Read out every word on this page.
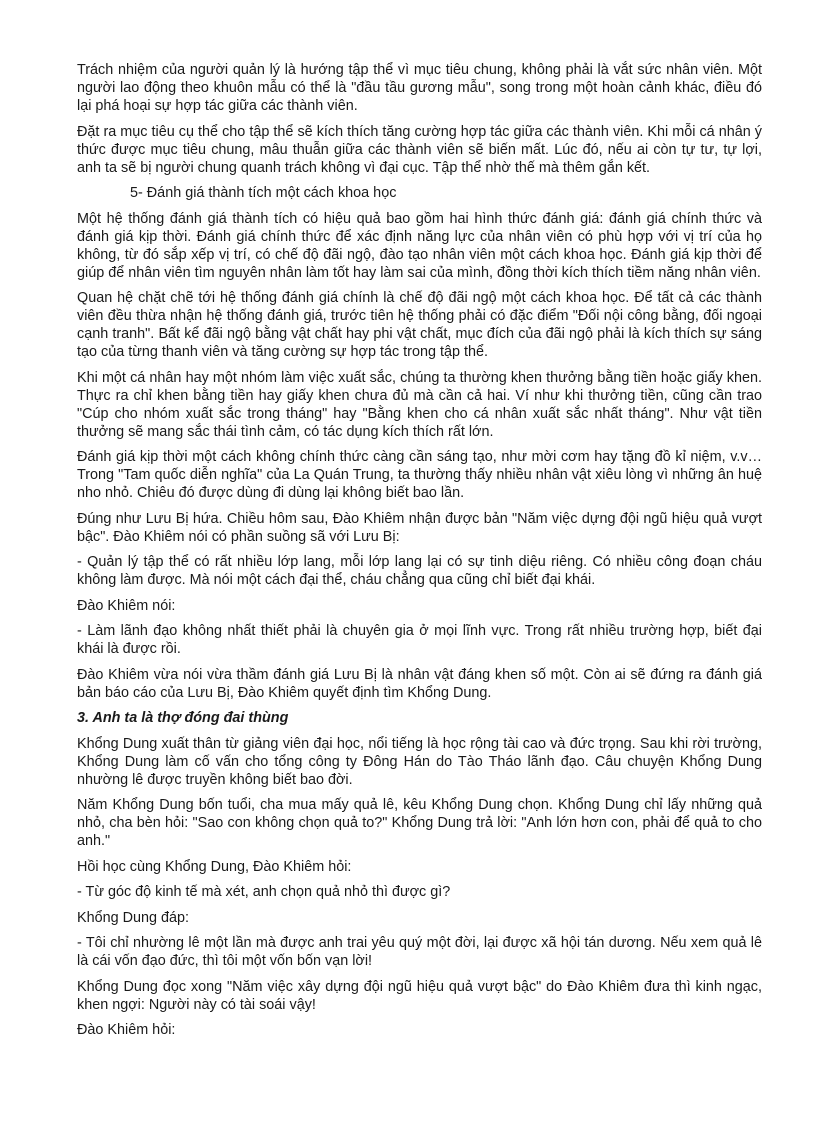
Trách nhiệm của người quản lý là hướng tập thể vì mục tiêu chung, không phải là vắt sức nhân viên. Một người lao động theo khuôn mẫu có thể là "đầu tầu gương mẫu", song trong một hoàn cảnh khác, điều đó lại phá hoại sự hợp tác giữa các thành viên.

Đặt ra mục tiêu cụ thể cho tập thể sẽ kích thích tăng cường hợp tác giữa các thành viên. Khi mỗi cá nhân ý thức được mục tiêu chung, mâu thuẫn giữa các thành viên sẽ biến mất. Lúc đó, nếu ai còn tự tư, tự lợi, anh ta sẽ bị người chung quanh trách không vì đại cục. Tập thể nhờ thế mà thêm gắn kết.

5- Đánh giá thành tích một cách khoa học

Một hệ thống đánh giá thành tích có hiệu quả bao gồm hai hình thức đánh giá: đánh giá chính thức và đánh giá kịp thời. Đánh giá chính thức để xác định năng lực của nhân viên có phù hợp với vị trí của họ không, từ đó sắp xếp vị trí, có chế độ đãi ngộ, đào tạo nhân viên một cách khoa học. Đánh giá kịp thời để giúp để nhân viên tìm nguyên nhân làm tốt hay làm sai của mình, đồng thời kích thích tiềm năng nhân viên.

Quan hệ chặt chẽ tới hệ thống đánh giá chính là chế độ đãi ngộ một cách khoa học. Để tất cả các thành viên đều thừa nhận hệ thống đánh giá, trước tiên hệ thống phải có đặc điểm "Đối nội công bằng, đối ngoại cạnh tranh". Bất kể đãi ngộ bằng vật chất hay phi vật chất, mục đích của đãi ngộ phải là kích thích sự sáng tạo của từng thanh viên và tăng cường sự hợp tác trong tập thể.

Khi một cá nhân hay một nhóm làm việc xuất sắc, chúng ta thường khen thưởng bằng tiền hoặc giấy khen. Thực ra chỉ khen bằng tiền hay giấy khen chưa đủ mà cần cả hai. Ví như khi thưởng tiền, cũng cần trao "Cúp cho nhóm xuất sắc trong tháng" hay "Bằng khen cho cá nhân xuất sắc nhất tháng". Như vật tiền thưởng sẽ mang sắc thái tình cảm, có tác dụng kích thích rất lớn.

Đánh giá kịp thời một cách không chính thức càng cần sáng tạo, như mời cơm hay tặng đồ kỉ niệm, v.v… Trong "Tam quốc diễn nghĩa" của La Quán Trung, ta thường thấy nhiều nhân vật xiêu lòng vì những ân huệ nho nhỏ. Chiêu đó được dùng đi dùng lại không biết bao lần.

Đúng như Lưu Bị hứa. Chiều hôm sau, Đào Khiêm nhận được bản "Năm việc dựng đội ngũ hiệu quả vượt bậc". Đào Khiêm nói có phần suồng sã với Lưu Bị:

- Quản lý tập thể có rất nhiều lớp lang, mỗi lớp lang lại có sự tinh diệu riêng. Có nhiều công đoạn cháu không làm được. Mà nói một cách đại thể, cháu chẳng qua cũng chỉ biết đại khái.

Đào Khiêm nói:

- Làm lãnh đạo không nhất thiết phải là chuyên gia ở mọi lĩnh vực. Trong rất nhiều trường hợp, biết đại khái là được rồi.

Đào Khiêm vừa nói vừa thầm đánh giá Lưu Bị là nhân vật đáng khen số một. Còn ai sẽ đứng ra đánh giá bản báo cáo của Lưu Bị, Đào Khiêm quyết định tìm Khổng Dung.

3. Anh ta là thợ đóng đai thùng

Khổng Dung xuất thân từ giảng viên đại học, nổi tiếng là học rộng tài cao và đức trọng. Sau khi rời trường, Khổng Dung làm cố vấn cho tổng công ty Đông Hán do Tào Tháo lãnh đạo. Câu chuyện Khổng Dung nhường lê được truyền không biết bao đời.

Năm Khổng Dung bốn tuổi, cha mua mấy quả lê, kêu Khổng Dung chọn. Khổng Dung chỉ lấy những quả nhỏ, cha bèn hỏi: "Sao con không chọn quả to?" Khổng Dung trả lời: "Anh lớn hơn con, phải để quả to cho anh."

Hồi học cùng Khổng Dung, Đào Khiêm hỏi:

- Từ góc độ kinh tế mà xét, anh chọn quả nhỏ thì được gì?

Khổng Dung đáp:

- Tôi chỉ nhường lê một lần mà được anh trai yêu quý một đời, lại được xã hội tán dương. Nếu xem quả lê là cái vốn đạo đức, thì tôi một vốn bốn vạn lời!

Khổng Dung đọc xong "Năm việc xây dựng đội ngũ hiệu quả vượt bậc" do Đào Khiêm đưa thì kinh ngạc, khen ngợi: Người này có tài soái vậy!

Đào Khiêm hỏi:
